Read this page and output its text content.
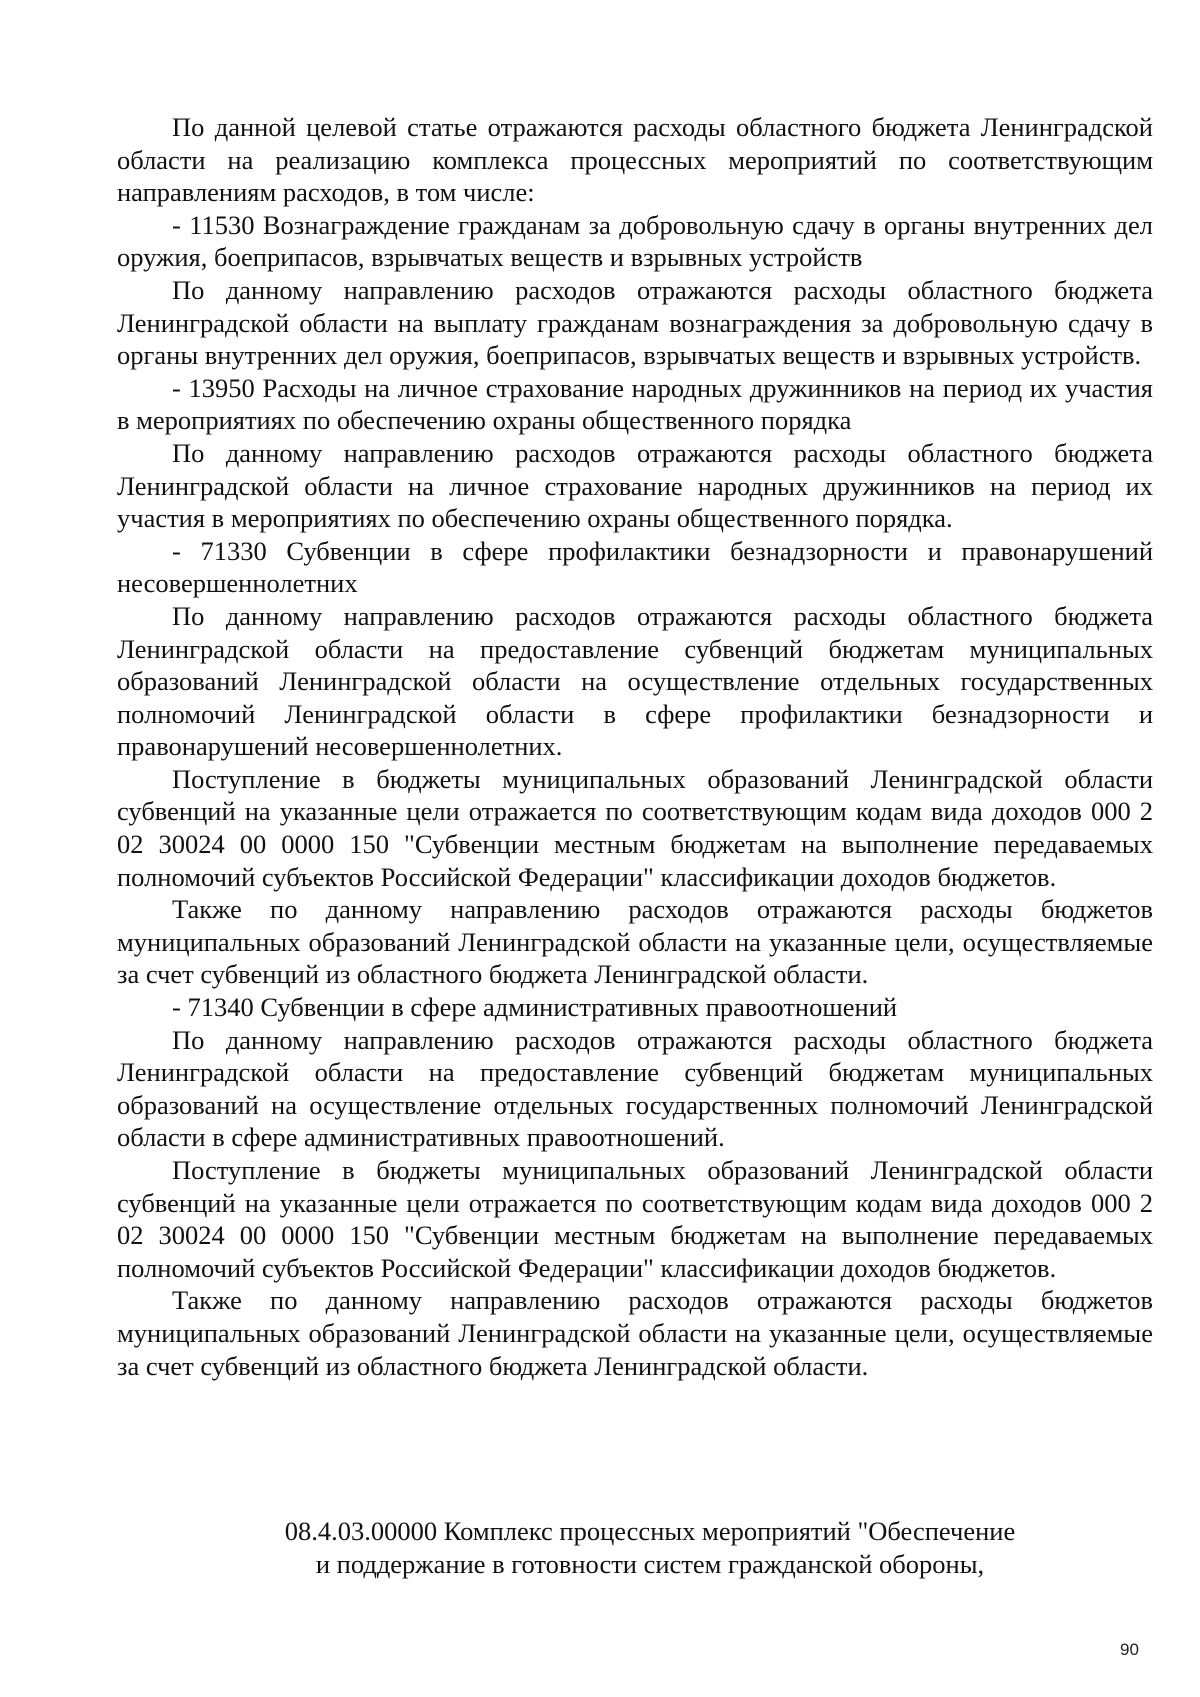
По данной целевой статье отражаются расходы областного бюджета Ленинградской области на реализацию комплекса процессных мероприятий по соответствующим направлениям расходов, в том числе:

- 11530 Вознаграждение гражданам за добровольную сдачу в органы внутренних дел оружия, боеприпасов, взрывчатых веществ и взрывных устройств

По данному направлению расходов отражаются расходы областного бюджета Ленинградской области на выплату гражданам вознаграждения за добровольную сдачу в органы внутренних дел оружия, боеприпасов, взрывчатых веществ и взрывных устройств.

- 13950 Расходы на личное страхование народных дружинников на период их участия в мероприятиях по обеспечению охраны общественного порядка

По данному направлению расходов отражаются расходы областного бюджета Ленинградской области на личное страхование народных дружинников на период их участия в мероприятиях по обеспечению охраны общественного порядка.

- 71330 Субвенции в сфере профилактики безнадзорности и правонарушений несовершеннолетних

По данному направлению расходов отражаются расходы областного бюджета Ленинградской области на предоставление субвенций бюджетам муниципальных образований Ленинградской области на осуществление отдельных государственных полномочий Ленинградской области в сфере профилактики безнадзорности и правонарушений несовершеннолетних.

Поступление в бюджеты муниципальных образований Ленинградской области субвенций на указанные цели отражается по соответствующим кодам вида доходов 000 2 02 30024 00 0000 150 "Субвенции местным бюджетам на выполнение передаваемых полномочий субъектов Российской Федерации" классификации доходов бюджетов.

Также по данному направлению расходов отражаются расходы бюджетов муниципальных образований Ленинградской области на указанные цели, осуществляемые за счет субвенций из областного бюджета Ленинградской области.

- 71340 Субвенции в сфере административных правоотношений

По данному направлению расходов отражаются расходы областного бюджета Ленинградской области на предоставление субвенций бюджетам муниципальных образований на осуществление отдельных государственных полномочий Ленинградской области в сфере административных правоотношений.

Поступление в бюджеты муниципальных образований Ленинградской области субвенций на указанные цели отражается по соответствующим кодам вида доходов 000 2 02 30024 00 0000 150 "Субвенции местным бюджетам на выполнение передаваемых полномочий субъектов Российской Федерации" классификации доходов бюджетов.

Также по данному направлению расходов отражаются расходы бюджетов муниципальных образований Ленинградской области на указанные цели, осуществляемые за счет субвенций из областного бюджета Ленинградской области.

08.4.03.00000 Комплекс процессных мероприятий "Обеспечение
и поддержание в готовности систем гражданской обороны,
90
